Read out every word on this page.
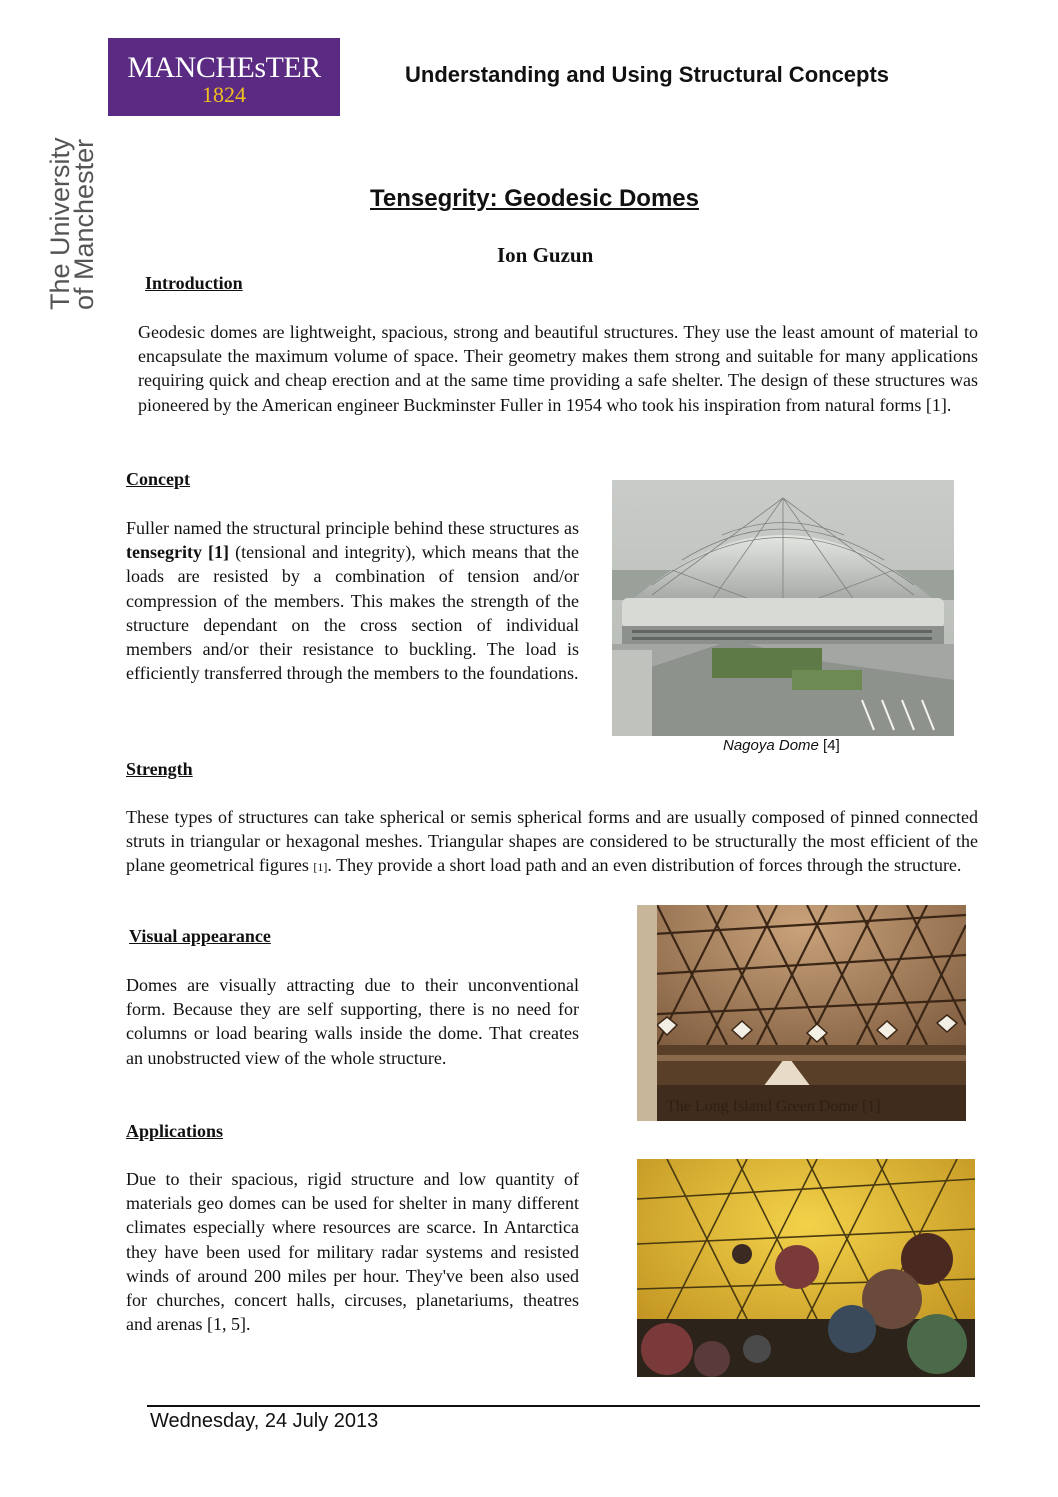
MANCHEsTER
1824
The University
of Manchester
Understanding and Using Structural Concepts
Tensegrity: Geodesic Domes
Ion Guzun
Introduction
Geodesic domes are lightweight, spacious, strong and beautiful structures. They use the least amount of material to encapsulate the maximum volume of space. Their geometry makes them strong and suitable for many applications requiring quick and cheap erection and at the same time providing a safe shelter. The design of these structures was pioneered by the American engineer Buckminster Fuller in 1954 who took his inspiration from natural forms [1].
Concept
Fuller named the structural principle behind these structures as tensegrity [1] (tensional and integrity), which means that the loads are resisted by a combination of tension and/or compression of the members. This makes the strength of the structure dependant on the cross section of individual members and/or their resistance to buckling. The load is efficiently transferred through the members to the foundations.
Nagoya Dome [4]
Strength
These types of structures can take spherical or semis spherical forms and are usually composed of pinned connected struts in triangular or hexagonal meshes. Triangular shapes are considered to be structurally the most efficient of the plane geometrical figures [1]. They provide a short load path and an even distribution of forces through the structure.
Visual appearance
Domes are visually attracting due to their unconventional form. Because they are self supporting, there is no need for columns or load bearing walls inside the dome. That creates an unobstructed view of the whole structure.
The Long Island Green Dome [1]
Applications
Due to their spacious, rigid structure and low quantity of materials geo domes can be used for shelter in many different climates especially where resources are scarce. In Antarctica they have been used for military radar systems and resisted winds of around 200 miles per hour. They've been also used for churches, concert halls, circuses, planetariums, theatres and arenas [1, 5].
Wednesday, 24 July 2013
